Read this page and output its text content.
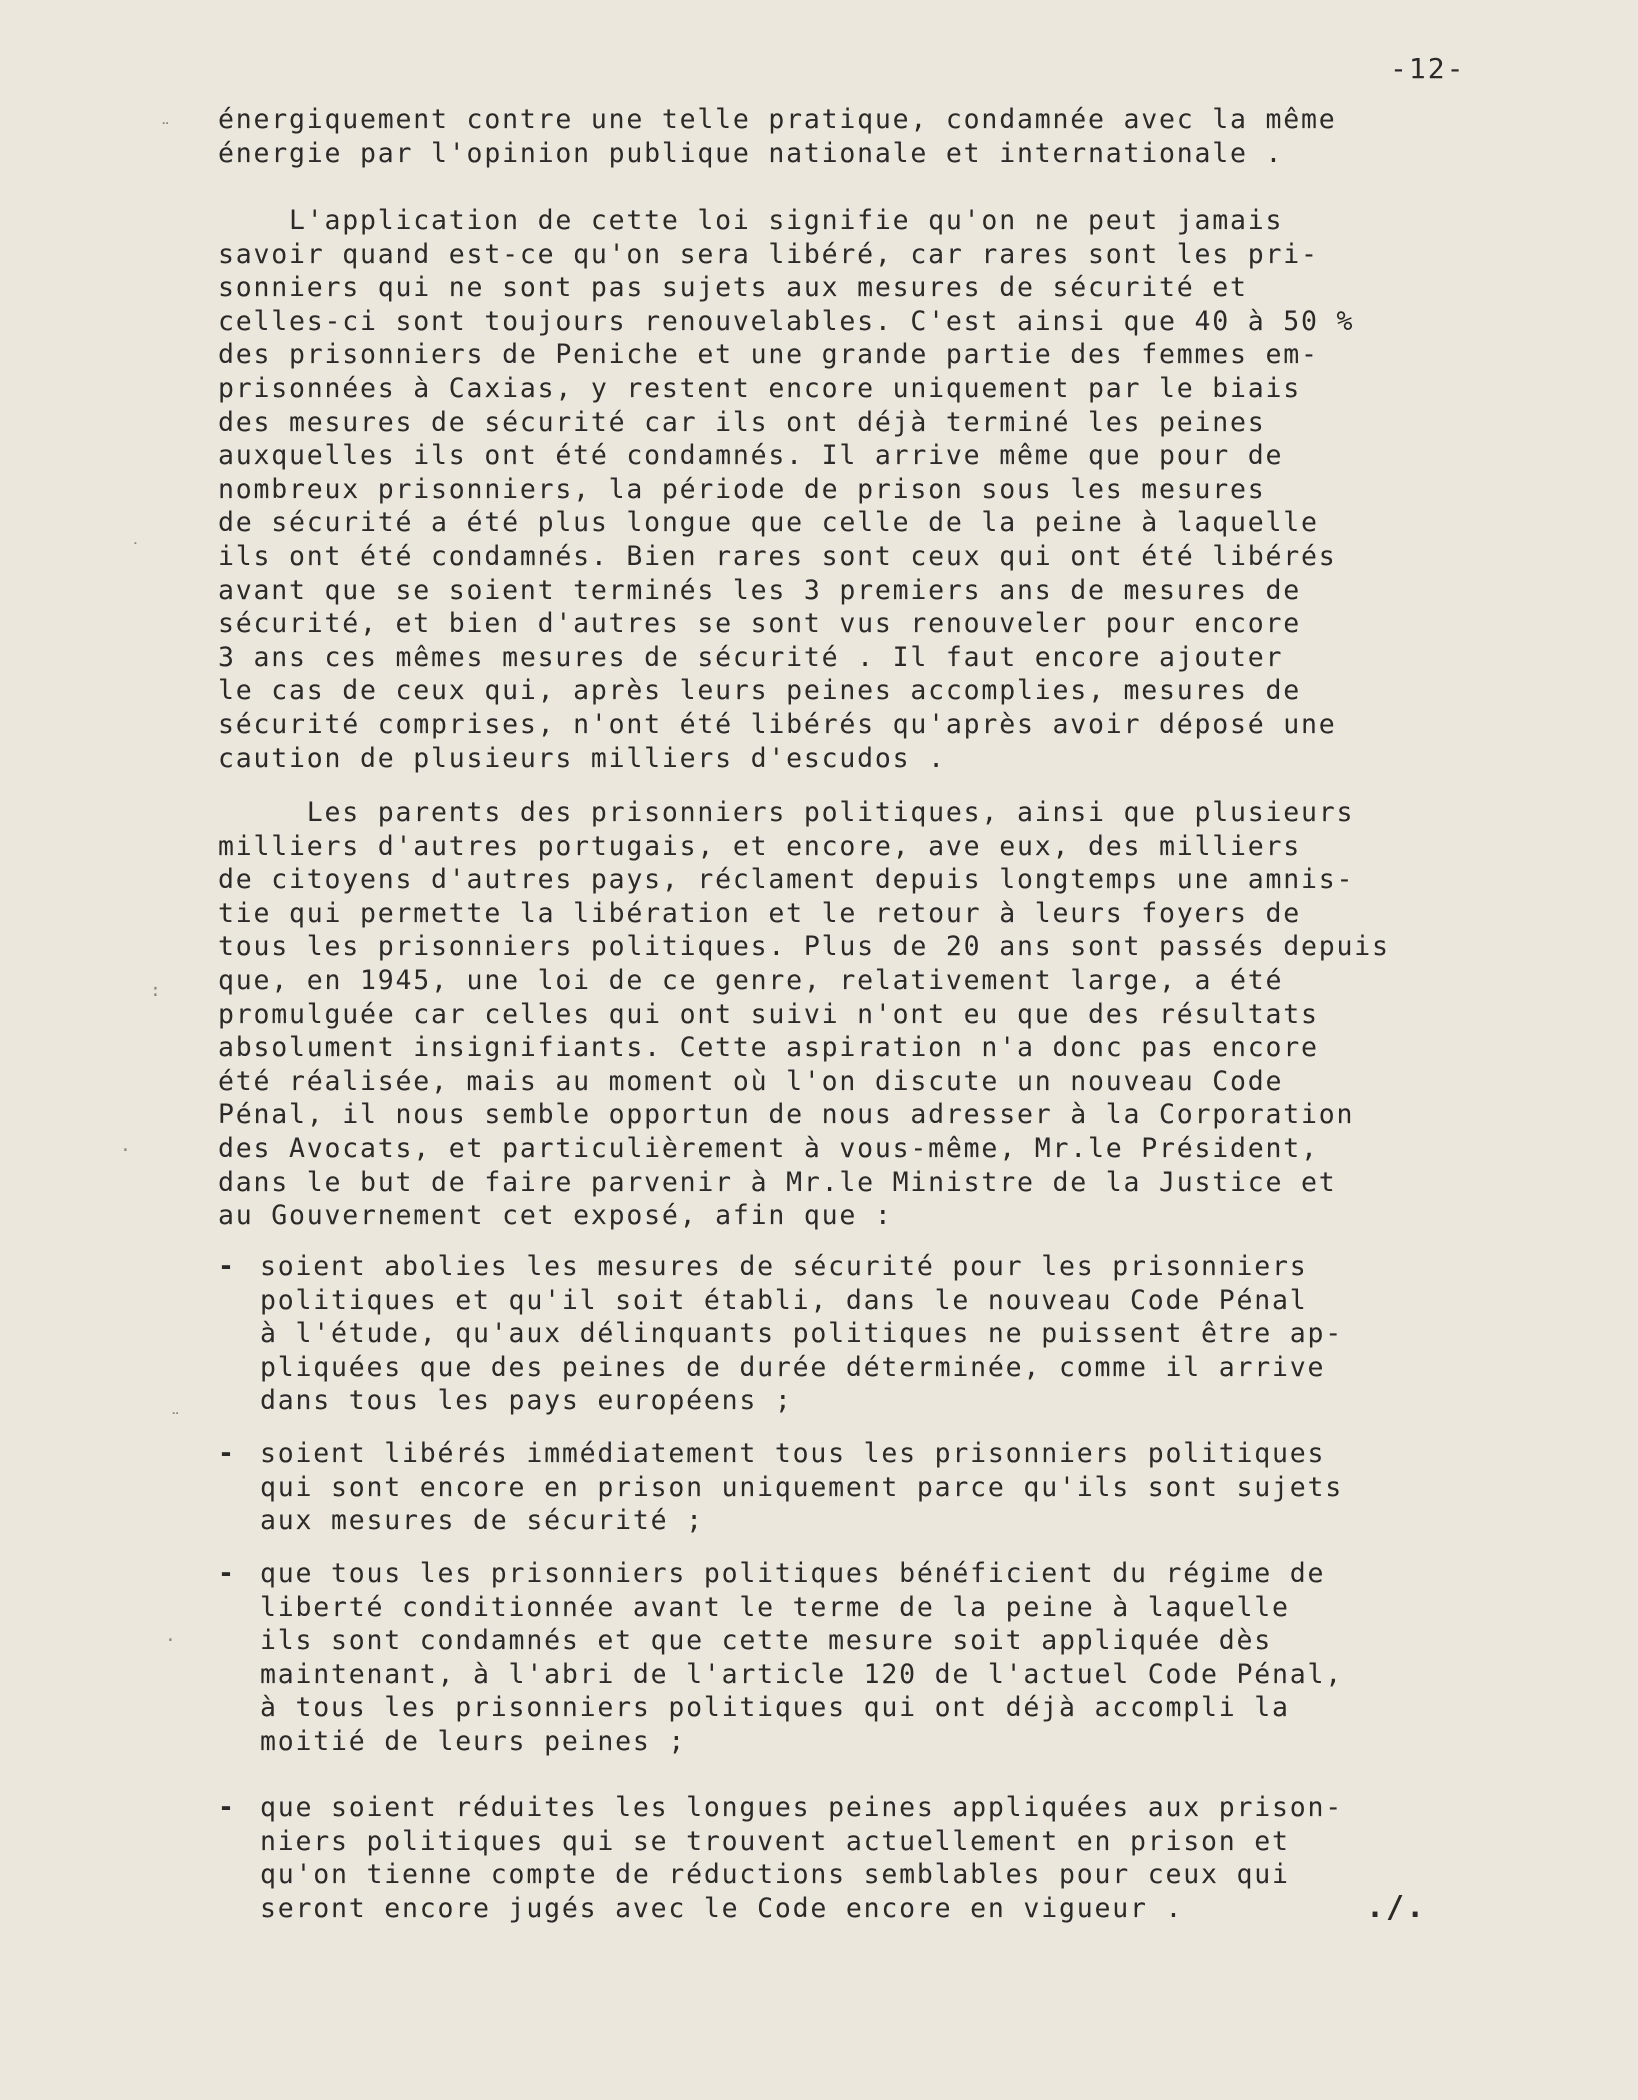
-12-
¨
˙
:
·
¨
·

énergiquement contre une telle pratique, condamnée avec la même
énergie par l'opinion publique nationale et internationale .

L'application de cette loi signifie qu'on ne peut jamais
savoir quand est-ce qu'on sera libéré, car rares sont les pri-
sonniers qui ne sont pas sujets aux mesures de sécurité et
celles-ci sont toujours renouvelables. C'est ainsi que 40 à 50 %
des prisonniers de Peniche et une grande partie des femmes em-
prisonnées à Caxias, y restent encore uniquement par le biais
des mesures de sécurité car ils ont déjà terminé les peines
auxquelles ils ont été condamnés. Il arrive même que pour de
nombreux prisonniers, la période de prison sous les mesures
de sécurité a été plus longue que celle de la peine à laquelle
ils ont été condamnés. Bien rares sont ceux qui ont été libérés
avant que se soient terminés les 3 premiers ans de mesures de
sécurité, et bien d'autres se sont vus renouveler pour encore
3 ans ces mêmes mesures de sécurité . Il faut encore ajouter
le cas de ceux qui, après leurs peines accomplies, mesures de
sécurité comprises, n'ont été libérés qu'après avoir déposé une
caution de plusieurs milliers d'escudos .

Les parents des prisonniers politiques, ainsi que plusieurs
milliers d'autres portugais, et encore, ave eux, des milliers
de citoyens d'autres pays, réclament depuis longtemps une amnis-
tie qui permette la libération et le retour à leurs foyers de
tous les prisonniers politiques. Plus de 20 ans sont passés depuis
que, en 1945, une loi de ce genre, relativement large, a été
promulguée car celles qui ont suivi n'ont eu que des résultats
absolument insignifiants. Cette aspiration n'a donc pas encore
été réalisée, mais au moment où l'on discute un nouveau Code
Pénal, il nous semble opportun de nous adresser à la Corporation
des Avocats, et particulièrement à vous-même, Mr.le Président,
dans le but de faire parvenir à Mr.le Ministre de la Justice et
au Gouvernement cet exposé, afin que :

- soient abolies les mesures de sécurité pour les prisonniers
politiques et qu'il soit établi, dans le nouveau Code Pénal
à l'étude, qu'aux délinquants politiques ne puissent être ap-
pliquées que des peines de durée déterminée, comme il arrive
dans tous les pays européens ;
- soient libérés immédiatement tous les prisonniers politiques
qui sont encore en prison uniquement parce qu'ils sont sujets
aux mesures de sécurité ;
- que tous les prisonniers politiques bénéficient du régime de
liberté conditionnée avant le terme de la peine à laquelle
ils sont condamnés et que cette mesure soit appliquée dès
maintenant, à l'abri de l'article 120 de l'actuel Code Pénal,
à tous les prisonniers politiques qui ont déjà accompli la
moitié de leurs peines ;
- que soient réduites les longues peines appliquées aux prison-
niers politiques qui se trouvent actuellement en prison et
qu'on tienne compte de réductions semblables pour ceux qui
seront encore jugés avec le Code encore en vigueur .	./.
